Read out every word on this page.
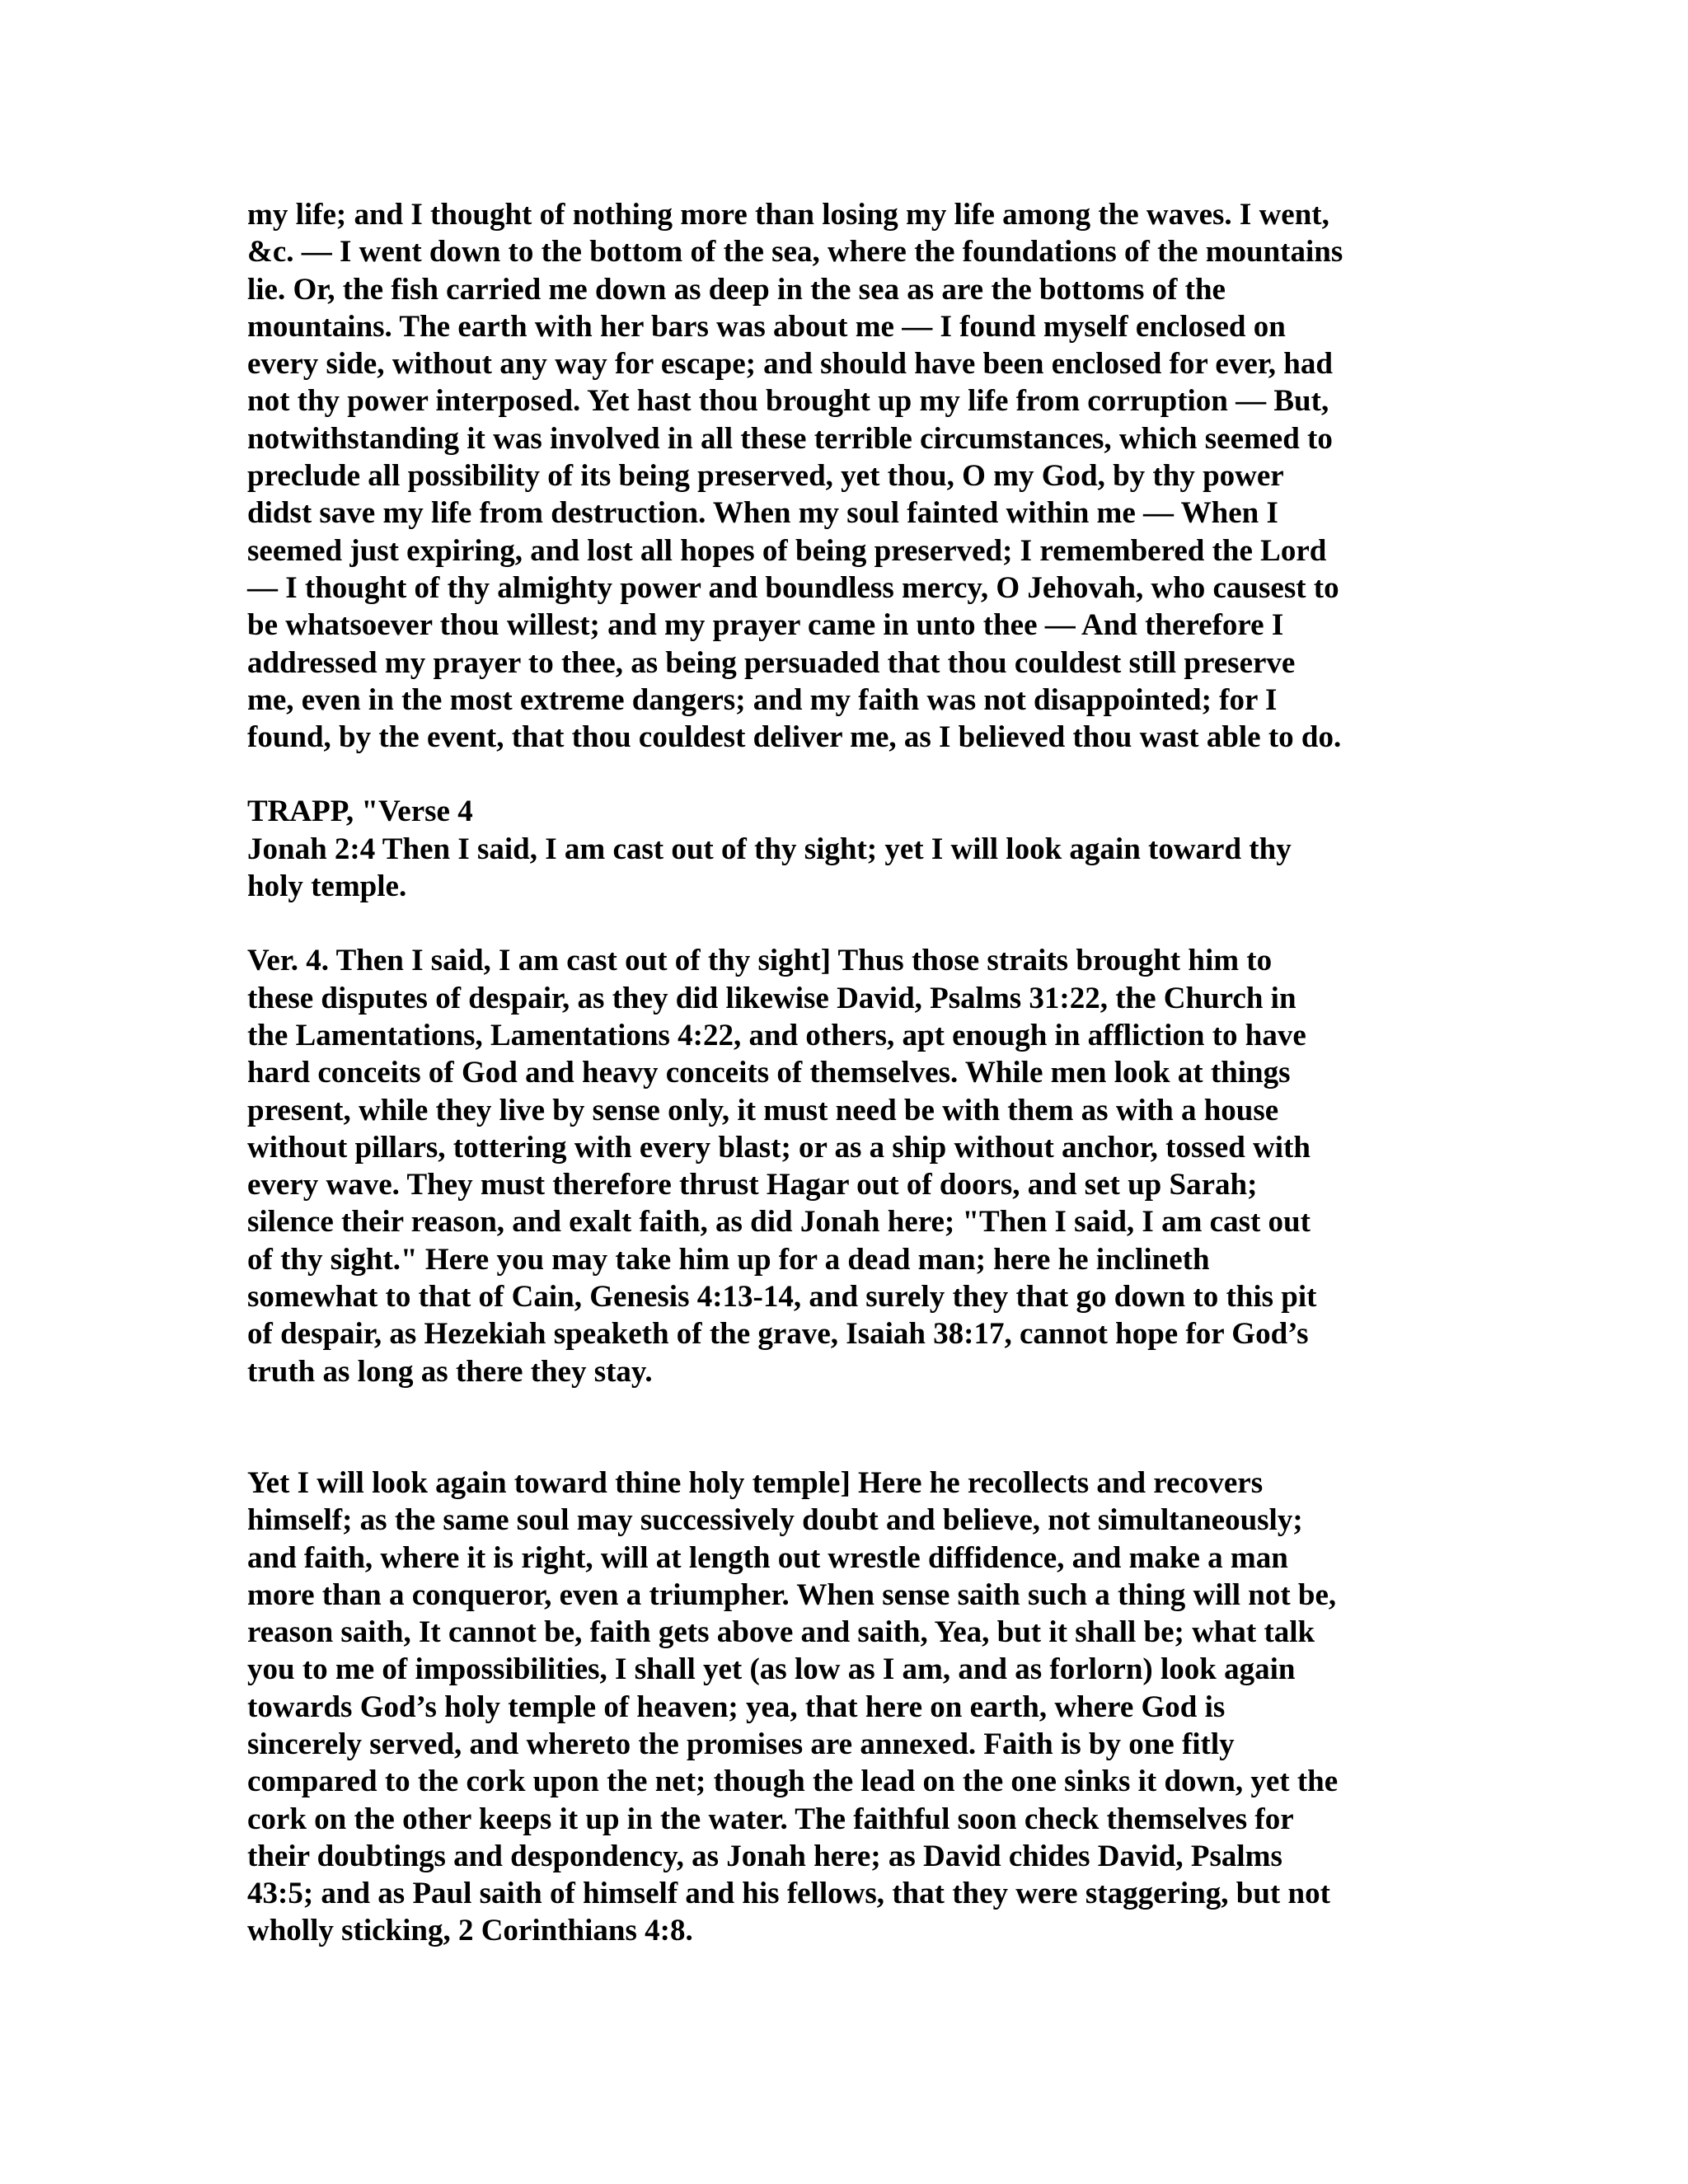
my life; and I thought of nothing more than losing my life among the waves. I went,
&c. — I went down to the bottom of the sea, where the foundations of the mountains
lie. Or, the fish carried me down as deep in the sea as are the bottoms of the
mountains. The earth with her bars was about me — I found myself enclosed on
every side, without any way for escape; and should have been enclosed for ever, had
not thy power interposed. Yet hast thou brought up my life from corruption — But,
notwithstanding it was involved in all these terrible circumstances, which seemed to
preclude all possibility of its being preserved, yet thou, O my God, by thy power
didst save my life from destruction. When my soul fainted within me — When I
seemed just expiring, and lost all hopes of being preserved; I remembered the Lord
— I thought of thy almighty power and boundless mercy, O Jehovah, who causest to
be whatsoever thou willest; and my prayer came in unto thee — And therefore I
addressed my prayer to thee, as being persuaded that thou couldest still preserve
me, even in the most extreme dangers; and my faith was not disappointed; for I
found, by the event, that thou couldest deliver me, as I believed thou wast able to do.
TRAPP, "Verse 4
Jonah 2:4 Then I said, I am cast out of thy sight; yet I will look again toward thy
holy temple.
Ver. 4. Then I said, I am cast out of thy sight] Thus those straits brought him to
these disputes of despair, as they did likewise David, Psalms 31:22, the Church in
the Lamentations, Lamentations 4:22, and others, apt enough in affliction to have
hard conceits of God and heavy conceits of themselves. While men look at things
present, while they live by sense only, it must need be with them as with a house
without pillars, tottering with every blast; or as a ship without anchor, tossed with
every wave. They must therefore thrust Hagar out of doors, and set up Sarah;
silence their reason, and exalt faith, as did Jonah here; "Then I said, I am cast out
of thy sight." Here you may take him up for a dead man; here he inclineth
somewhat to that of Cain, Genesis 4:13-14, and surely they that go down to this pit
of despair, as Hezekiah speaketh of the grave, Isaiah 38:17, cannot hope for God’s
truth as long as there they stay.
Yet I will look again toward thine holy temple] Here he recollects and recovers
himself; as the same soul may successively doubt and believe, not simultaneously;
and faith, where it is right, will at length out wrestle diffidence, and make a man
more than a conqueror, even a triumpher. When sense saith such a thing will not be,
reason saith, It cannot be, faith gets above and saith, Yea, but it shall be; what talk
you to me of impossibilities, I shall yet (as low as I am, and as forlorn) look again
towards God’s holy temple of heaven; yea, that here on earth, where God is
sincerely served, and whereto the promises are annexed. Faith is by one fitly
compared to the cork upon the net; though the lead on the one sinks it down, yet the
cork on the other keeps it up in the water. The faithful soon check themselves for
their doubtings and despondency, as Jonah here; as David chides David, Psalms
43:5; and as Paul saith of himself and his fellows, that they were staggering, but not
wholly sticking, 2 Corinthians 4:8.
